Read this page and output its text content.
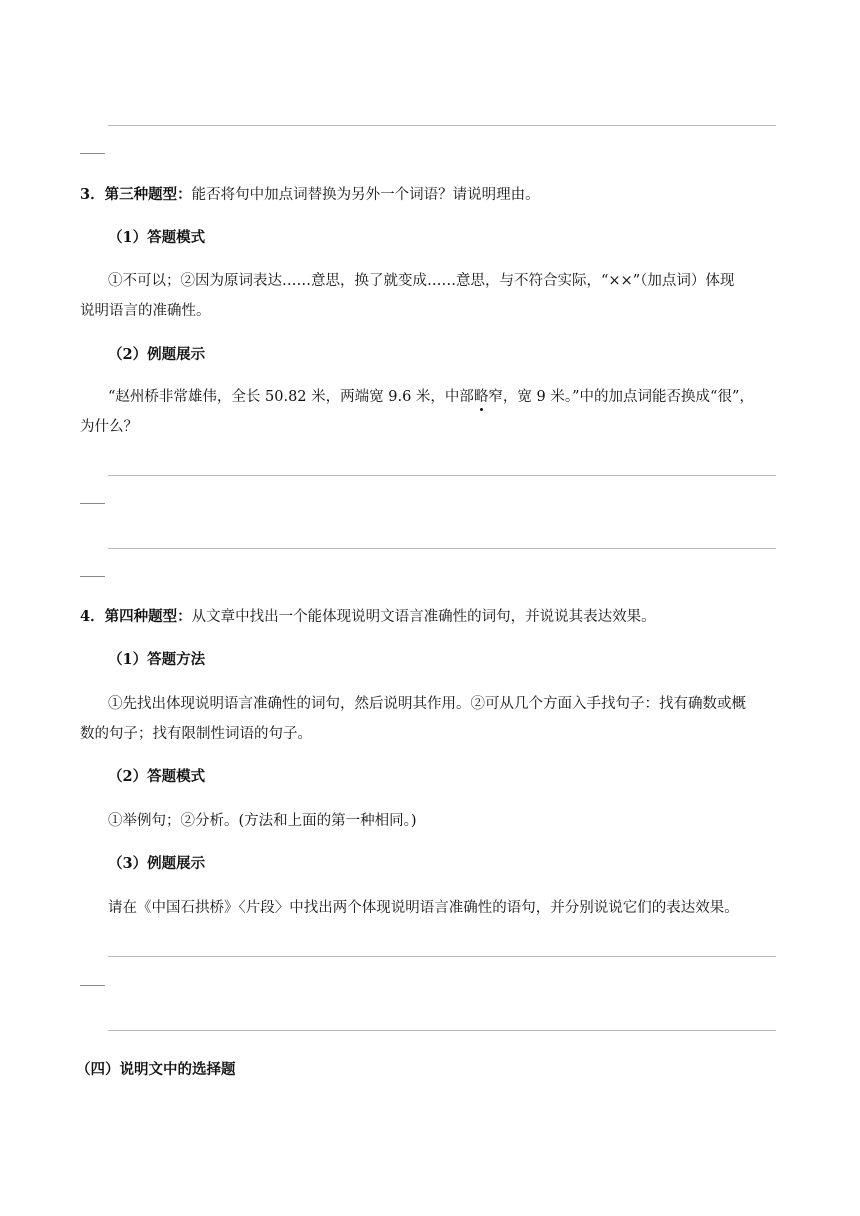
3．第三种题型：能否将句中加点词替换为另外一个词语？请说明理由。
（1）答题模式
①不可以；②因为原词表达……意思，换了就变成……意思，与不符合实际，“××”（加点词）体现
说明语言的准确性。
（2）例题展示
“赵州桥非常雄伟，全长 50.82 米，两端宽 9.6 米，中部略窄，宽 9 米。”中的加点词能否换成“很”，
为什么？
4．第四种题型：从文章中找出一个能体现说明文语言准确性的词句，并说说其表达效果。
（1）答题方法
①先找出体现说明语言准确性的词句，然后说明其作用。②可从几个方面入手找句子：找有确数或概
数的句子；找有限制性词语的句子。
（2）答题模式
①举例句；②分析。(方法和上面的第一种相同。)
（3）例题展示
请在《中国石拱桥》〈片段〉中找出两个体现说明语言准确性的语句，并分别说说它们的表达效果。
（四）说明文中的选择题
